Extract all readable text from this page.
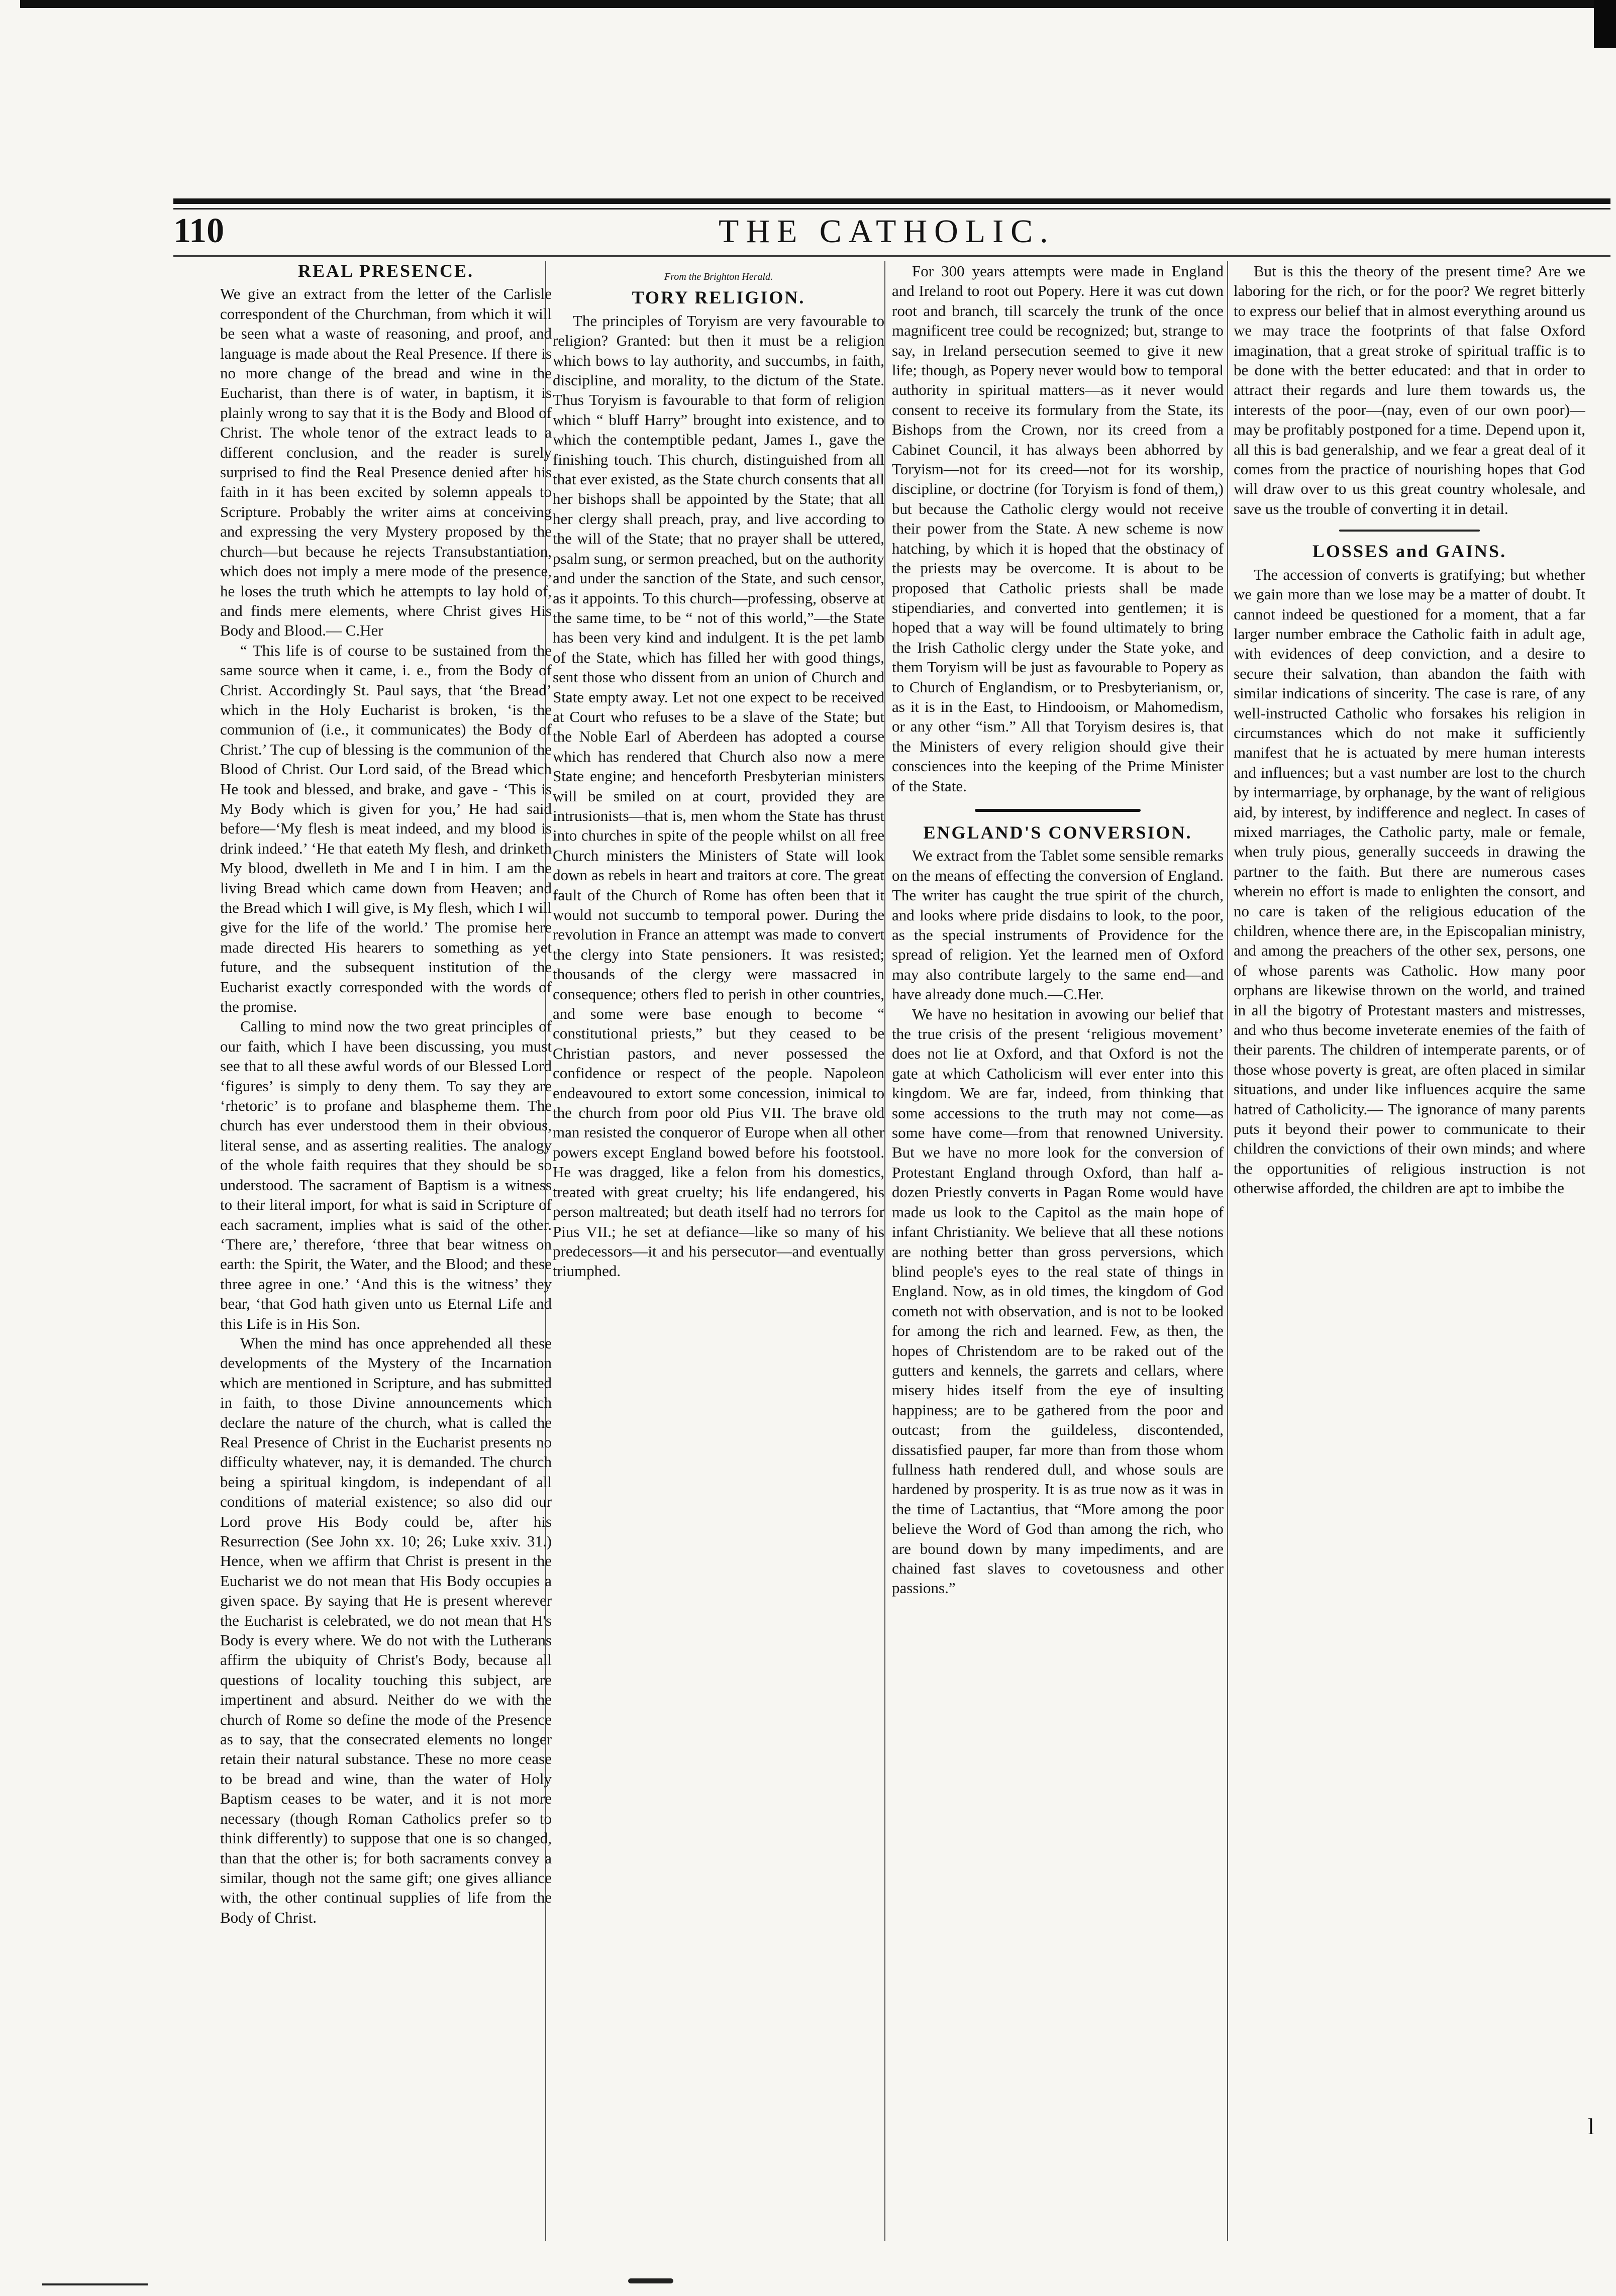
110	THE CATHOLIC.
REAL PRESENCE.

We give an extract from the letter of the Carlisle correspondent of the Churchman, from which it will be seen what a waste of reasoning, and proof, and language is made about the Real Presence. If there is no more change of the bread and wine in the Eucharist, than there is of water, in baptism, it is plainly wrong to say that it is the Body and Blood of Christ. The whole tenor of the extract leads to a different conclusion, and the reader is surely surprised to find the Real Presence denied after his faith in it has been excited by solemn appeals to Scripture. Probably the writer aims at conceiving and expressing the very Mystery proposed by the church—but because he rejects Transubstantiation, which does not imply a mere mode of the presence, he loses the truth which he attempts to lay hold of, and finds mere elements, where Christ gives His Body and Blood.— C.Her

“ This life is of course to be sustained from the same source when it came, i. e., from the Body of Christ. Accordingly St. Paul says, that ‘the Bread’ which in the Holy Eucharist is broken, ‘is the communion of (i.e., it communicates) the Body of Christ.’ The cup of blessing is the communion of the Blood of Christ. Our Lord said, of the Bread which He took and blessed, and brake, and gave - ‘This is My Body which is given for you,’ He had said before—‘My flesh is meat indeed, and my blood is drink indeed.’ ‘He that eateth My flesh, and drinketh My blood, dwelleth in Me and I in him. I am the living Bread which came down from Heaven; and the Bread which I will give, is My flesh, which I will give for the life of the world.’ The promise here made directed His hearers to something as yet future, and the subsequent institution of the Eucharist exactly corresponded with the words of the promise.

Calling to mind now the two great principles of our faith, which I have been discussing, you must see that to all these awful words of our Blessed Lord ‘figures’ is simply to deny them. To say they are ‘rhetoric’ is to profane and blaspheme them. The church has ever understood them in their obvious, literal sense, and as asserting realities. The analogy of the whole faith requires that they should be so understood. The sacrament of Baptism is a witness to their literal import, for what is said in Scripture of each sacrament, implies what is said of the other. ‘There are,’ therefore, ‘three that bear witness on earth: the Spirit, the Water, and the Blood; and these three agree in one.’ ‘And this is the witness’ they bear, ‘that God hath given unto us Eternal Life and this Life is in His Son.

When the mind has once apprehended all these developments of the Mystery of the Incarnation which are mentioned in Scripture, and has submitted in faith, to those Divine announcements which declare the nature of the church, what is called the Real Presence of Christ in the Eucharist presents no difficulty whatever, nay, it is demanded. The church being a spiritual kingdom, is independant of all conditions of material existence; so also did our Lord prove His Body could be, after his Resurrection (See John xx. 10; 26; Luke xxiv. 31.) Hence, when we affirm that Christ is present in the Eucharist we do not mean that His Body occupies a given space. By saying that He is present wherever the Eucharist is celebrated, we do not mean that H's Body is every where. We do not with the Lutherans affirm the ubiquity of Christ's Body, because all questions of locality touching this subject, are impertinent and absurd. Neither do we with the church of Rome so define the mode of the Presence as to say, that the consecrated elements no longer retain their natural substance. These no more cease to be bread and wine, than the water of Holy Baptism ceases to be water, and it is not more necessary (though Roman Catholics prefer so to think differently) to suppose that one is so changed, than that the other is; for both sacraments convey a similar, though not the same gift; one gives alliance with, the other continual supplies of life from the Body of Christ.

From the Brighton Herald.
TORY RELIGION.

The principles of Toryism are very favourable to religion? Granted: but then it must be a religion which bows to lay authority, and succumbs, in faith, discipline, and morality, to the dictum of the State. Thus Toryism is favourable to that form of religion which “ bluff Harry” brought into existence, and to which the contemptible pedant, James I., gave the finishing touch. This church, distinguished from all that ever existed, as the State church consents that all her bishops shall be appointed by the State; that all her clergy shall preach, pray, and live according to the will of the State; that no prayer shall be uttered, psalm sung, or sermon preached, but on the authority and under the sanction of the State, and such censor, as it appoints. To this church—professing, observe at the same time, to be “ not of this world,”—the State has been very kind and indulgent. It is the pet lamb of the State, which has filled her with good things, sent those who dissent from an union of Church and State empty away. Let not one expect to be received at Court who refuses to be a slave of the State; but the Noble Earl of Aberdeen has adopted a course which has rendered that Church also now a mere State engine; and henceforth Presbyterian ministers will be smiled on at court, provided they are intrusionists—that is, men whom the State has thrust into churches in spite of the people whilst on all free Church ministers the Ministers of State will look down as rebels in heart and traitors at core. The great fault of the Church of Rome has often been that it would not succumb to temporal power. During the revolution in France an attempt was made to convert the clergy into State pensioners. It was resisted; thousands of the clergy were massacred in consequence; others fled to perish in other countries, and some were base enough to become “ constitutional priests,” but they ceased to be Christian pastors, and never possessed the confidence or respect of the people. Napoleon endeavoured to extort some concession, inimical to the church from poor old Pius VII. The brave old man resisted the conqueror of Europe when all other powers except England bowed before his footstool. He was dragged, like a felon from his domestics, treated with great cruelty; his life endangered, his person maltreated; but death itself had no terrors for Pius VII.; he set at defiance—like so many of his predecessors—it and his persecutor—and eventually triumphed.

For 300 years attempts were made in England and Ireland to root out Popery. Here it was cut down root and branch, till scarcely the trunk of the once magnificent tree could be recognized; but, strange to say, in Ireland persecution seemed to give it new life; though, as Popery never would bow to temporal authority in spiritual matters—as it never would consent to receive its formulary from the State, its Bishops from the Crown, nor its creed from a Cabinet Council, it has always been abhorred by Toryism—not for its creed—not for its worship, discipline, or doctrine (for Toryism is fond of them,) but because the Catholic clergy would not receive their power from the State. A new scheme is now hatching, by which it is hoped that the obstinacy of the priests may be overcome. It is about to be proposed that Catholic priests shall be made stipendiaries, and converted into gentlemen; it is hoped that a way will be found ultimately to bring the Irish Catholic clergy under the State yoke, and them Toryism will be just as favourable to Popery as to Church of Englandism, or to Presbyterianism, or, as it is in the East, to Hindooism, or Mahomedism, or any other “ism.” All that Toryism desires is, that the Ministers of every religion should give their consciences into the keeping of the Prime Minister of the State.

ENGLAND'S CONVERSION.

We extract from the Tablet some sensible remarks on the means of effecting the conversion of England. The writer has caught the true spirit of the church, and looks where pride disdains to look, to the poor, as the special instruments of Providence for the spread of religion. Yet the learned men of Oxford may also contribute largely to the same end—and have already done much.—C.Her.

We have no hesitation in avowing our belief that the true crisis of the present ‘religious movement’ does not lie at Oxford, and that Oxford is not the gate at which Catholicism will ever enter into this kingdom. We are far, indeed, from thinking that some accessions to the truth may not come—as some have come—from that renowned University. But we have no more look for the conversion of Protestant England through Oxford, than half a-dozen Priestly converts in Pagan Rome would have made us look to the Capitol as the main hope of infant Christianity. We believe that all these notions are nothing better than gross perversions, which blind people's eyes to the real state of things in England. Now, as in old times, the kingdom of God cometh not with observation, and is not to be looked for among the rich and learned. Few, as then, the hopes of Christendom are to be raked out of the gutters and kennels, the garrets and cellars, where misery hides itself from the eye of insulting happiness; are to be gathered from the poor and outcast; from the guildeless, discontended, dissatisfied pauper, far more than from those whom fullness hath rendered dull, and whose souls are hardened by prosperity. It is as true now as it was in the time of Lactantius, that “More among the poor believe the Word of God than among the rich, who are bound down by many impediments, and are chained fast slaves to covetousness and other passions.”

But is this the theory of the present time? Are we laboring for the rich, or for the poor? We regret bitterly to express our belief that in almost everything around us we may trace the footprints of that false Oxford imagination, that a great stroke of spiritual traffic is to be done with the better educated: and that in order to attract their regards and lure them towards us, the interests of the poor—(nay, even of our own poor)—may be profitably postponed for a time. Depend upon it, all this is bad generalship, and we fear a great deal of it comes from the practice of nourishing hopes that God will draw over to us this great country wholesale, and save us the trouble of converting it in detail.

LOSSES and GAINS.

The accession of converts is gratifying; but whether we gain more than we lose may be a matter of doubt. It cannot indeed be questioned for a moment, that a far larger number embrace the Catholic faith in adult age, with evidences of deep conviction, and a desire to secure their salvation, than abandon the faith with similar indications of sincerity. The case is rare, of any well-instructed Catholic who forsakes his religion in circumstances which do not make it sufficiently manifest that he is actuated by mere human interests and influences; but a vast number are lost to the church by intermarriage, by orphanage, by the want of religious aid, by interest, by indifference and neglect. In cases of mixed marriages, the Catholic party, male or female, when truly pious, generally succeeds in drawing the partner to the faith. But there are numerous cases wherein no effort is made to enlighten the consort, and no care is taken of the religious education of the children, whence there are, in the Episcopalian ministry, and among the preachers of the other sex, persons, one of whose parents was Catholic. How many poor orphans are likewise thrown on the world, and trained in all the bigotry of Protestant masters and mistresses, and who thus become inveterate enemies of the faith of their parents. The children of intemperate parents, or of those whose poverty is great, are often placed in similar situations, and under like influences acquire the same hatred of Catholicity.— The ignorance of many parents puts it beyond their power to communicate to their children the convictions of their own minds; and where the opportunities of religious instruction is not otherwise afforded, the children are apt to imbibe the

l
